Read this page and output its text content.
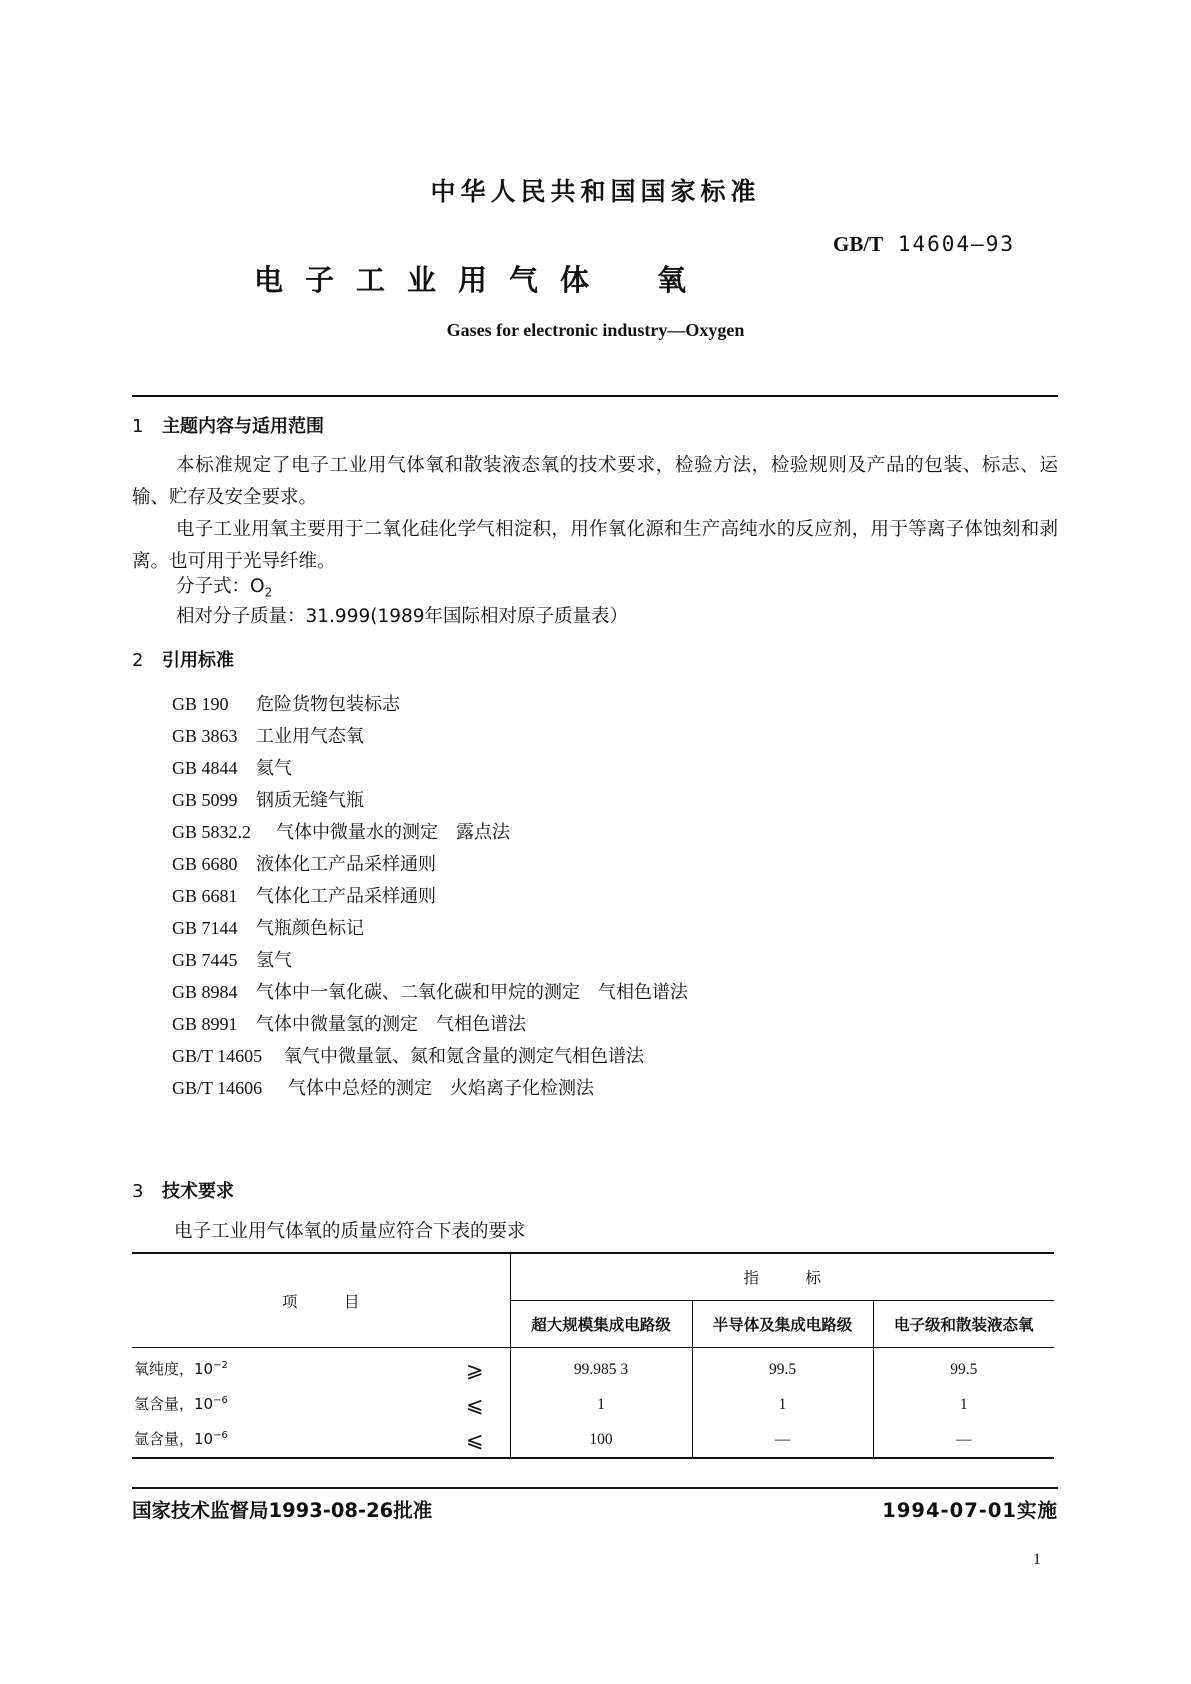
中华人民共和国国家标准
GB/T 14604—93
电子工业用气体 氧
Gases for electronic industry—Oxygen
1 主题内容与适用范围
本标准规定了电子工业用气体氧和散装液态氧的技术要求，检验方法，检验规则及产品的包装、标志、运输、贮存及安全要求。
电子工业用氧主要用于二氧化硅化学气相淀积，用作氧化源和生产高纯水的反应剂，用于等离子体蚀刻和剥离。也可用于光导纤维。
分子式：$O_2$
相对分子质量：31.999(1989年国际相对原子质量表）
2 引用标准
GB 190 危险货物包装标志
GB 3863 工业用气态氧
GB 4844 氦气
GB 5099 钢质无缝气瓶
GB 5832.2 气体中微量水的测定　露点法
GB 6680 液体化工产品采样通则
GB 6681 气体化工产品采样通则
GB 7144 气瓶颜色标记
GB 7445 氢气
GB 8984 气体中一氧化碳、二氧化碳和甲烷的测定　气相色谱法
GB 8991 气体中微量氢的测定　气相色谱法
GB/T 14605 氧气中微量氩、氮和氪含量的测定气相色谱法
GB/T 14606 气体中总烃的测定　火焰离子化检测法
3 技术要求
电子工业用气体氧的质量应符合下表的要求
项　　　目	指　　　标		
	超大规模集成电路级	半导体及集成电路级	电子级和散装液态氧

氧纯度，$10^{-2}$ ⩾	99.985 3	99.5	99.5

氢含量，$10^{-6}$ ⩽	1	1	1

氩含量，$10^{-6}$ ⩽	100	—	—
国家技术监督局1993-08-26批准	1994-07-01实施
1
